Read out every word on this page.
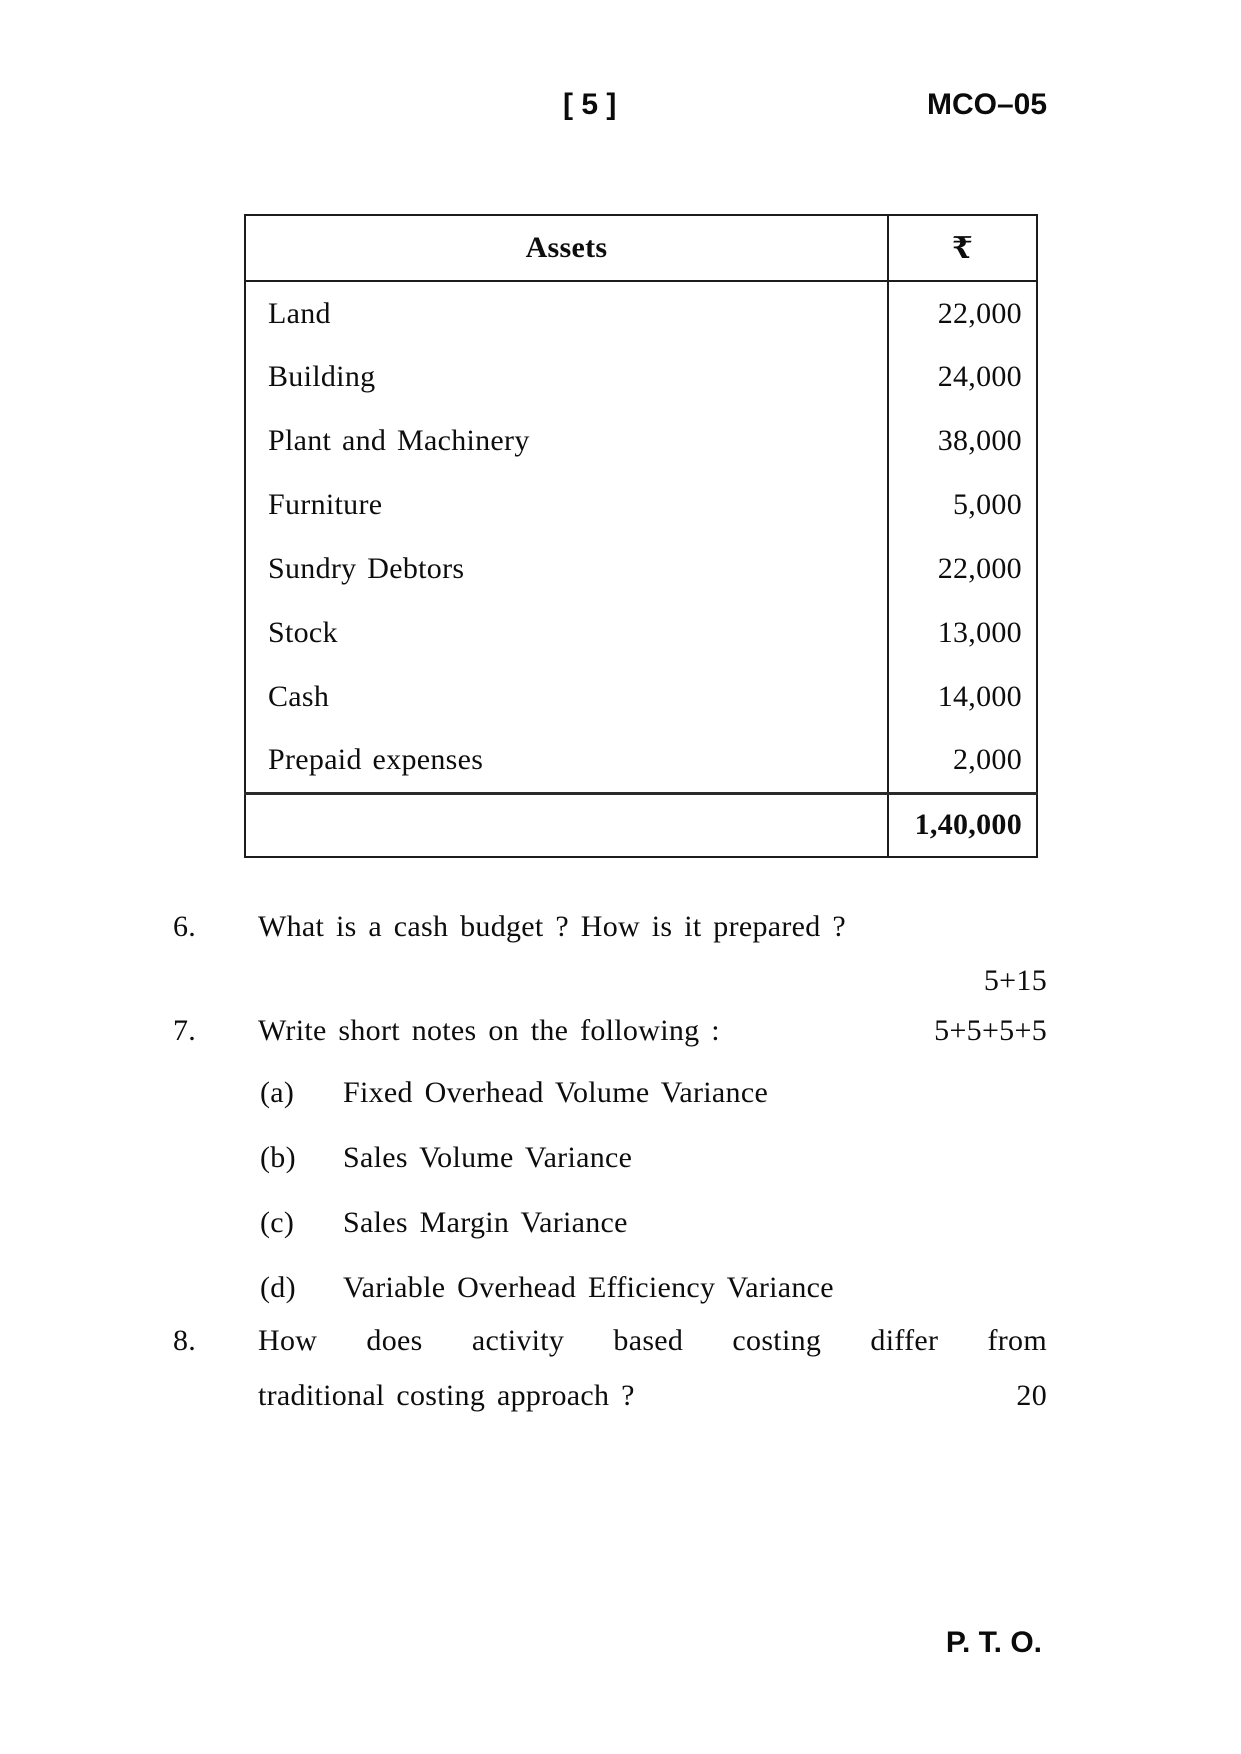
[ 5 ]	MCO–05
Assets	₹
Land	22,000
Building	24,000
Plant and Machinery	38,000
Furniture	5,000
Sundry Debtors	22,000
Stock	13,000
Cash	14,000
Prepaid expenses	2,000
	1,40,000
6.	What is a cash budget ? How is it prepared ?
5+15
7.	Write short notes on the following :	5+5+5+5
(a)	Fixed Overhead Volume Variance
(b)	Sales Volume Variance
(c)	Sales Margin Variance
(d)	Variable Overhead Efficiency Variance
8.	How does activity based costing differ from
traditional costing approach ?	20
P. T. O.
